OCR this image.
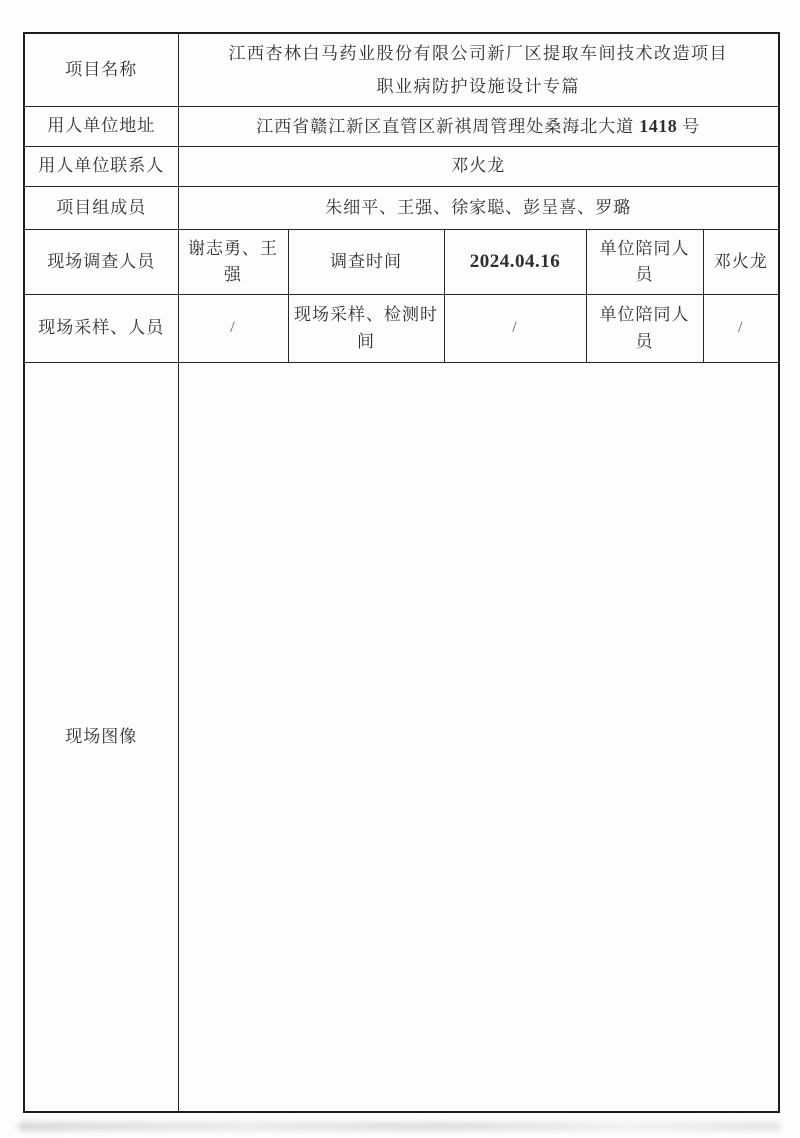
项目名称	江西杏林白马药业股份有限公司新厂区提取车间技术改造项目
职业病防护设施设计专篇				

用人单位地址	江西省赣江新区直管区新祺周管理处桑海北大道 1418 号				
用人单位联系人	邓火龙				
项目组成员	朱细平、王强、徐家聪、彭呈喜、罗璐				
现场调查人员	谢志勇、王强	调查时间	2024.04.16	单位陪同人员	邓火龙
现场采样、人员	/	现场采样、检测时间	/	单位陪同人员	/
现场图像					
